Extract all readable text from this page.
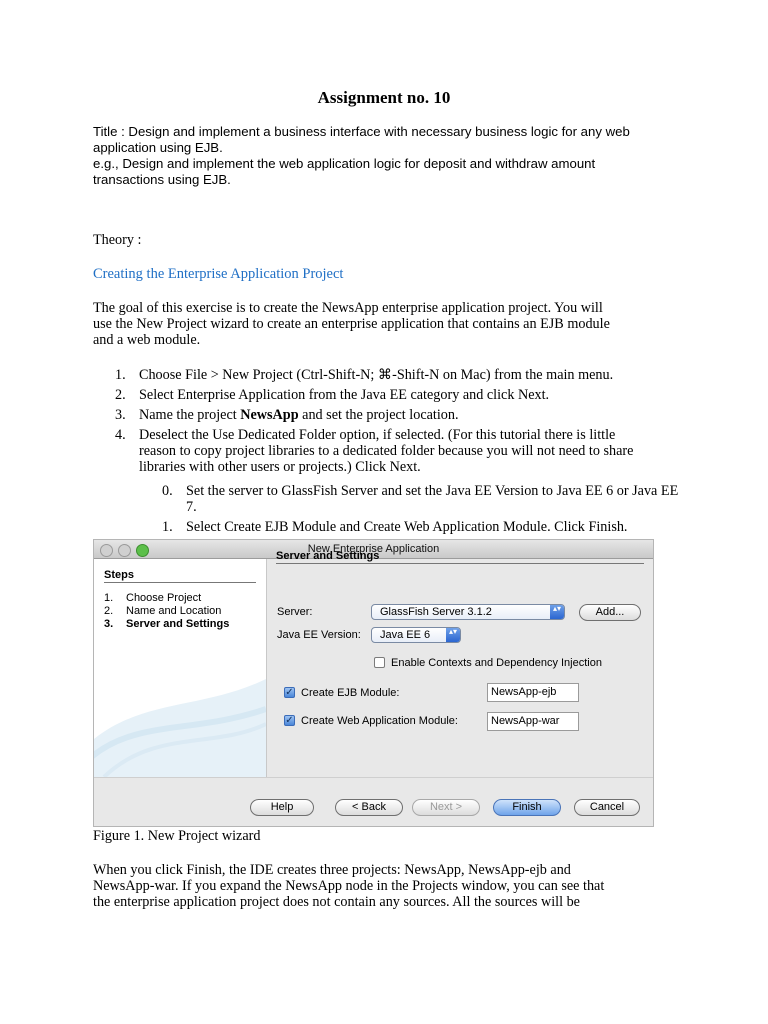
Assignment no. 10
Title : Design and implement a business interface with necessary business logic for any web
application using EJB.
e.g., Design and implement the web application logic for deposit and withdraw amount
transactions using EJB.
Theory :
Creating the Enterprise Application Project
The goal of this exercise is to create the NewsApp enterprise application project. You will
use the New Project wizard to create an enterprise application that contains an EJB module
and a web module.
1. Choose File > New Project (Ctrl-Shift-N; ⌘-Shift-N on Mac) from the main menu.
2. Select Enterprise Application from the Java EE category and click Next.
3. Name the project NewsApp and set the project location.
4. Deselect the Use Dedicated Folder option, if selected. (For this tutorial there is little reason to copy project libraries to a dedicated folder because you will not need to share libraries with other users or projects.) Click Next.
0. Set the server to GlassFish Server and set the Java EE Version to Java EE 6 or Java EE 7.
1. Select Create EJB Module and Create Web Application Module. Click Finish.
New Enterprise Application
Steps
1. Choose Project
2. Name and Location
3. Server and Settings
Server and Settings
Server:	GlassFish Server 3.1.2	▴▾	Add...
Java EE Version:	Java EE 6	▴▾
Enable Contexts and Dependency Injection
✓ Create EJB Module:	NewsApp-ejb
✓ Create Web Application Module:	NewsApp-war
Help	< Back	Next >	Finish	Cancel
Figure 1. New Project wizard
When you click Finish, the IDE creates three projects: NewsApp, NewsApp-ejb and
NewsApp-war. If you expand the NewsApp node in the Projects window, you can see that
the enterprise application project does not contain any sources. All the sources will be
